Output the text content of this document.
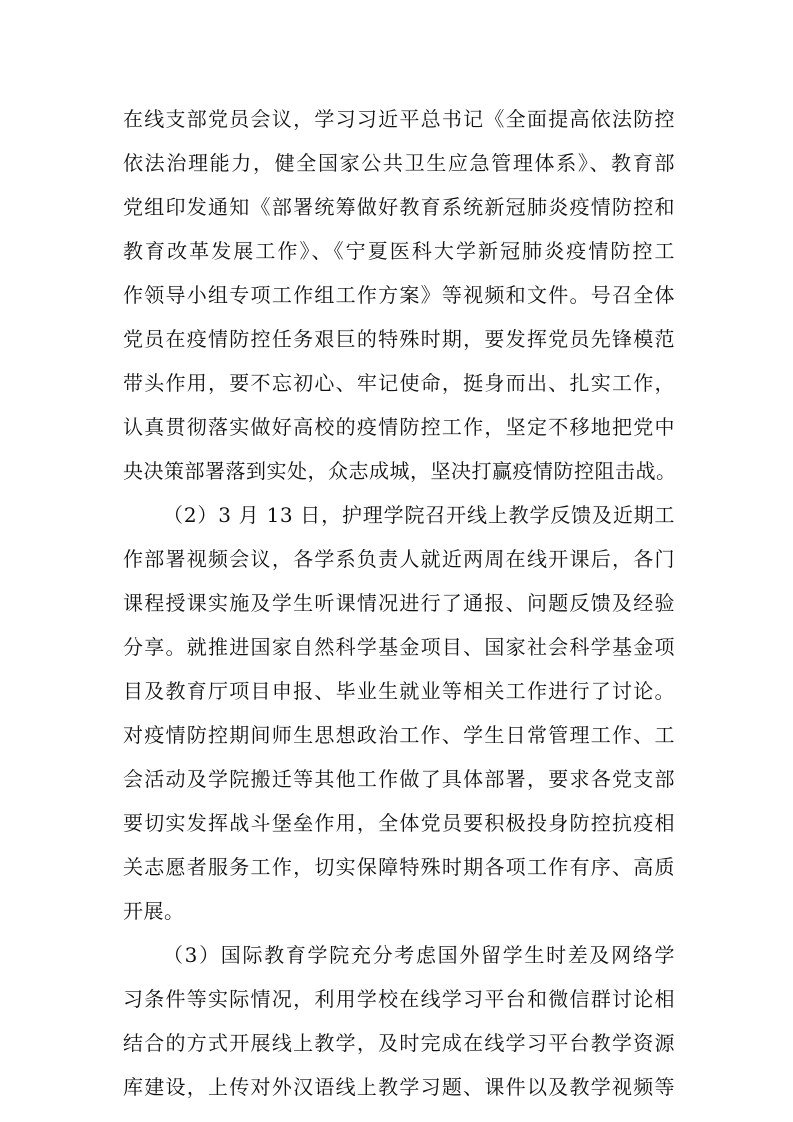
在线支部党员会议，学习习近平总书记《全面提高依法防控
依法治理能力，健全国家公共卫生应急管理体系》、教育部
党组印发通知《部署统筹做好教育系统新冠肺炎疫情防控和
教育改革发展工作》、《宁夏医科大学新冠肺炎疫情防控工
作领导小组专项工作组工作方案》等视频和文件。号召全体
党员在疫情防控任务艰巨的特殊时期，要发挥党员先锋模范
带头作用，要不忘初心、牢记使命，挺身而出、扎实工作，
认真贯彻落实做好高校的疫情防控工作，坚定不移地把党中
央决策部署落到实处，众志成城，坚决打赢疫情防控阻击战。
（2）3 月 13 日，护理学院召开线上教学反馈及近期工
作部署视频会议，各学系负责人就近两周在线开课后，各门
课程授课实施及学生听课情况进行了通报、问题反馈及经验
分享。就推进国家自然科学基金项目、国家社会科学基金项
目及教育厅项目申报、毕业生就业等相关工作进行了讨论。
对疫情防控期间师生思想政治工作、学生日常管理工作、工
会活动及学院搬迁等其他工作做了具体部署，要求各党支部
要切实发挥战斗堡垒作用，全体党员要积极投身防控抗疫相
关志愿者服务工作，切实保障特殊时期各项工作有序、高质
开展。
（3）国际教育学院充分考虑国外留学生时差及网络学
习条件等实际情况，利用学校在线学习平台和微信群讨论相
结合的方式开展线上教学，及时完成在线学习平台教学资源
库建设，上传对外汉语线上教学习题、课件以及教学视频等
